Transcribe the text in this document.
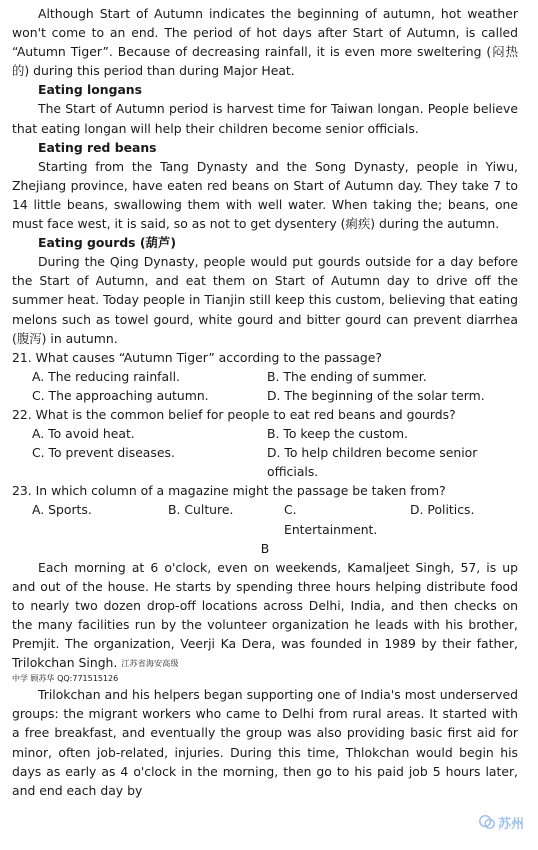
Although Start of Autumn indicates the beginning of autumn, hot weather won't come to an end. The period of hot days after Start of Autumn, is called “Autumn Tiger”. Because of decreasing rainfall, it is even more sweltering (闷热的) during this period than during Major Heat.

Eating longans

The Start of Autumn period is harvest time for Taiwan longan. People believe that eating longan will help their children become senior officials.

Eating red beans

Starting from the Tang Dynasty and the Song Dynasty, people in Yiwu, Zhejiang province, have eaten red beans on Start of Autumn day. They take 7 to 14 little beans, swallowing them with well water. When taking the; beans, one must face west, it is said, so as not to get dysentery (痢疾) during the autumn.

Eating gourds (葫芦)

During the Qing Dynasty, people would put gourds outside for a day before the Start of Autumn, and eat them on Start of Autumn day to drive off the summer heat. Today people in Tianjin still keep this custom, believing that eating melons such as towel gourd, white gourd and bitter gourd can prevent diarrhea (腹泻) in autumn.

21. What causes “Autumn Tiger” according to the passage?

A. The reducing rainfall.	B. The ending of summer.
C. The approaching autumn.	D. The beginning of the solar term.

22. What is the common belief for people to eat red beans and gourds?

A. To avoid heat.	B. To keep the custom.
C. To prevent diseases.	D. To help children become senior officials.

23. In which column of a magazine might the passage be taken from?

A. Sports.	B. Culture.	C. Entertainment.
D. Politics.

B

Each morning at 6 o'clock, even on weekends, Kamaljeet Singh, 57, is up and out of the house. He starts by spending three hours helping distribute food to nearly two dozen drop-off locations across Delhi, India, and then checks on the many facilities run by the volunteer organization he leads with his brother, Premjit. The organization, Veerji Ka Dera, was founded in 1989 by their father, Trilokchan Singh. 江苏省海安高级

中学 顾苏华 QQ:771515126

Trilokchan and his helpers began supporting one of India's most underserved groups: the migrant workers who came to Delhi from rural areas. It started with a free breakfast, and eventually the group was also providing basic first aid for minor, often job-related, injuries. During this time, Thlokchan would begin his days as early as 4 o'clock in the morning, then go to his paid job 5 hours later, and end each day by

苏州
